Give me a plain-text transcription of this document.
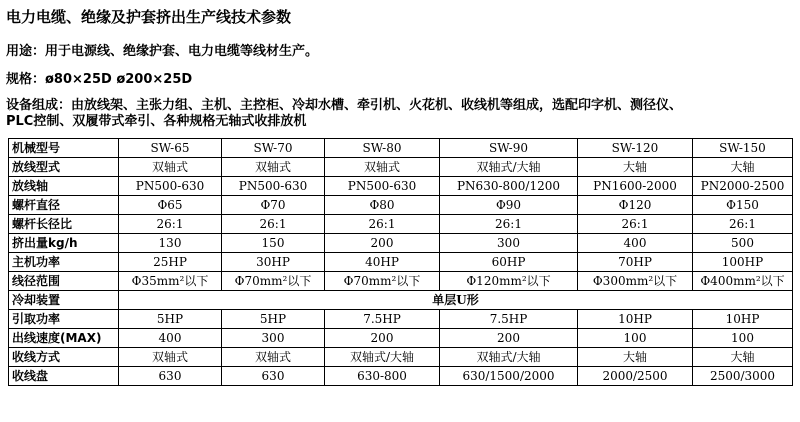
电力电缆、绝缘及护套挤出生产线技术参数
用途：用于电源线、绝缘护套、电力电缆等线材生产。
规格：ø80×25D ø200×25D
设备组成：由放线架、主张力组、主机、主控柜、冷却水槽、牵引机、火花机、收线机等组成，选配印字机、测径仪、
PLC控制、双履带式牵引、各种规格无轴式收排放机
机械型号	SW-65	SW-70	SW-80	SW-90	SW-120	SW-150
放线型式	双轴式	双轴式	双轴式	双轴式/大轴	大轴	大轴
放线轴	PN500-630	PN500-630	PN500-630	PN630-800/1200	PN1600-2000	PN2000-2500
螺杆直径	Φ65	Φ70	Φ80	Φ90	Φ120	Φ150
螺杆长径比	26:1	26:1	26:1	26:1	26:1	26:1
挤出量kg/h	130	150	200	300	400	500
主机功率	25HP	30HP	40HP	60HP	70HP	100HP
线径范围	Φ35mm²以下	Φ70mm²以下	Φ70mm²以下	Φ120mm²以下	Φ300mm²以下	Φ400mm²以下
冷却装置	单层U形					
引取功率	5HP	5HP	7.5HP	7.5HP	10HP	10HP
出线速度(MAX)	400	300	200	200	100	100
收线方式	双轴式	双轴式	双轴式/大轴	双轴式/大轴	大轴	大轴
收线盘	630	630	630-800	630/1500/2000	2000/2500	2500/3000
